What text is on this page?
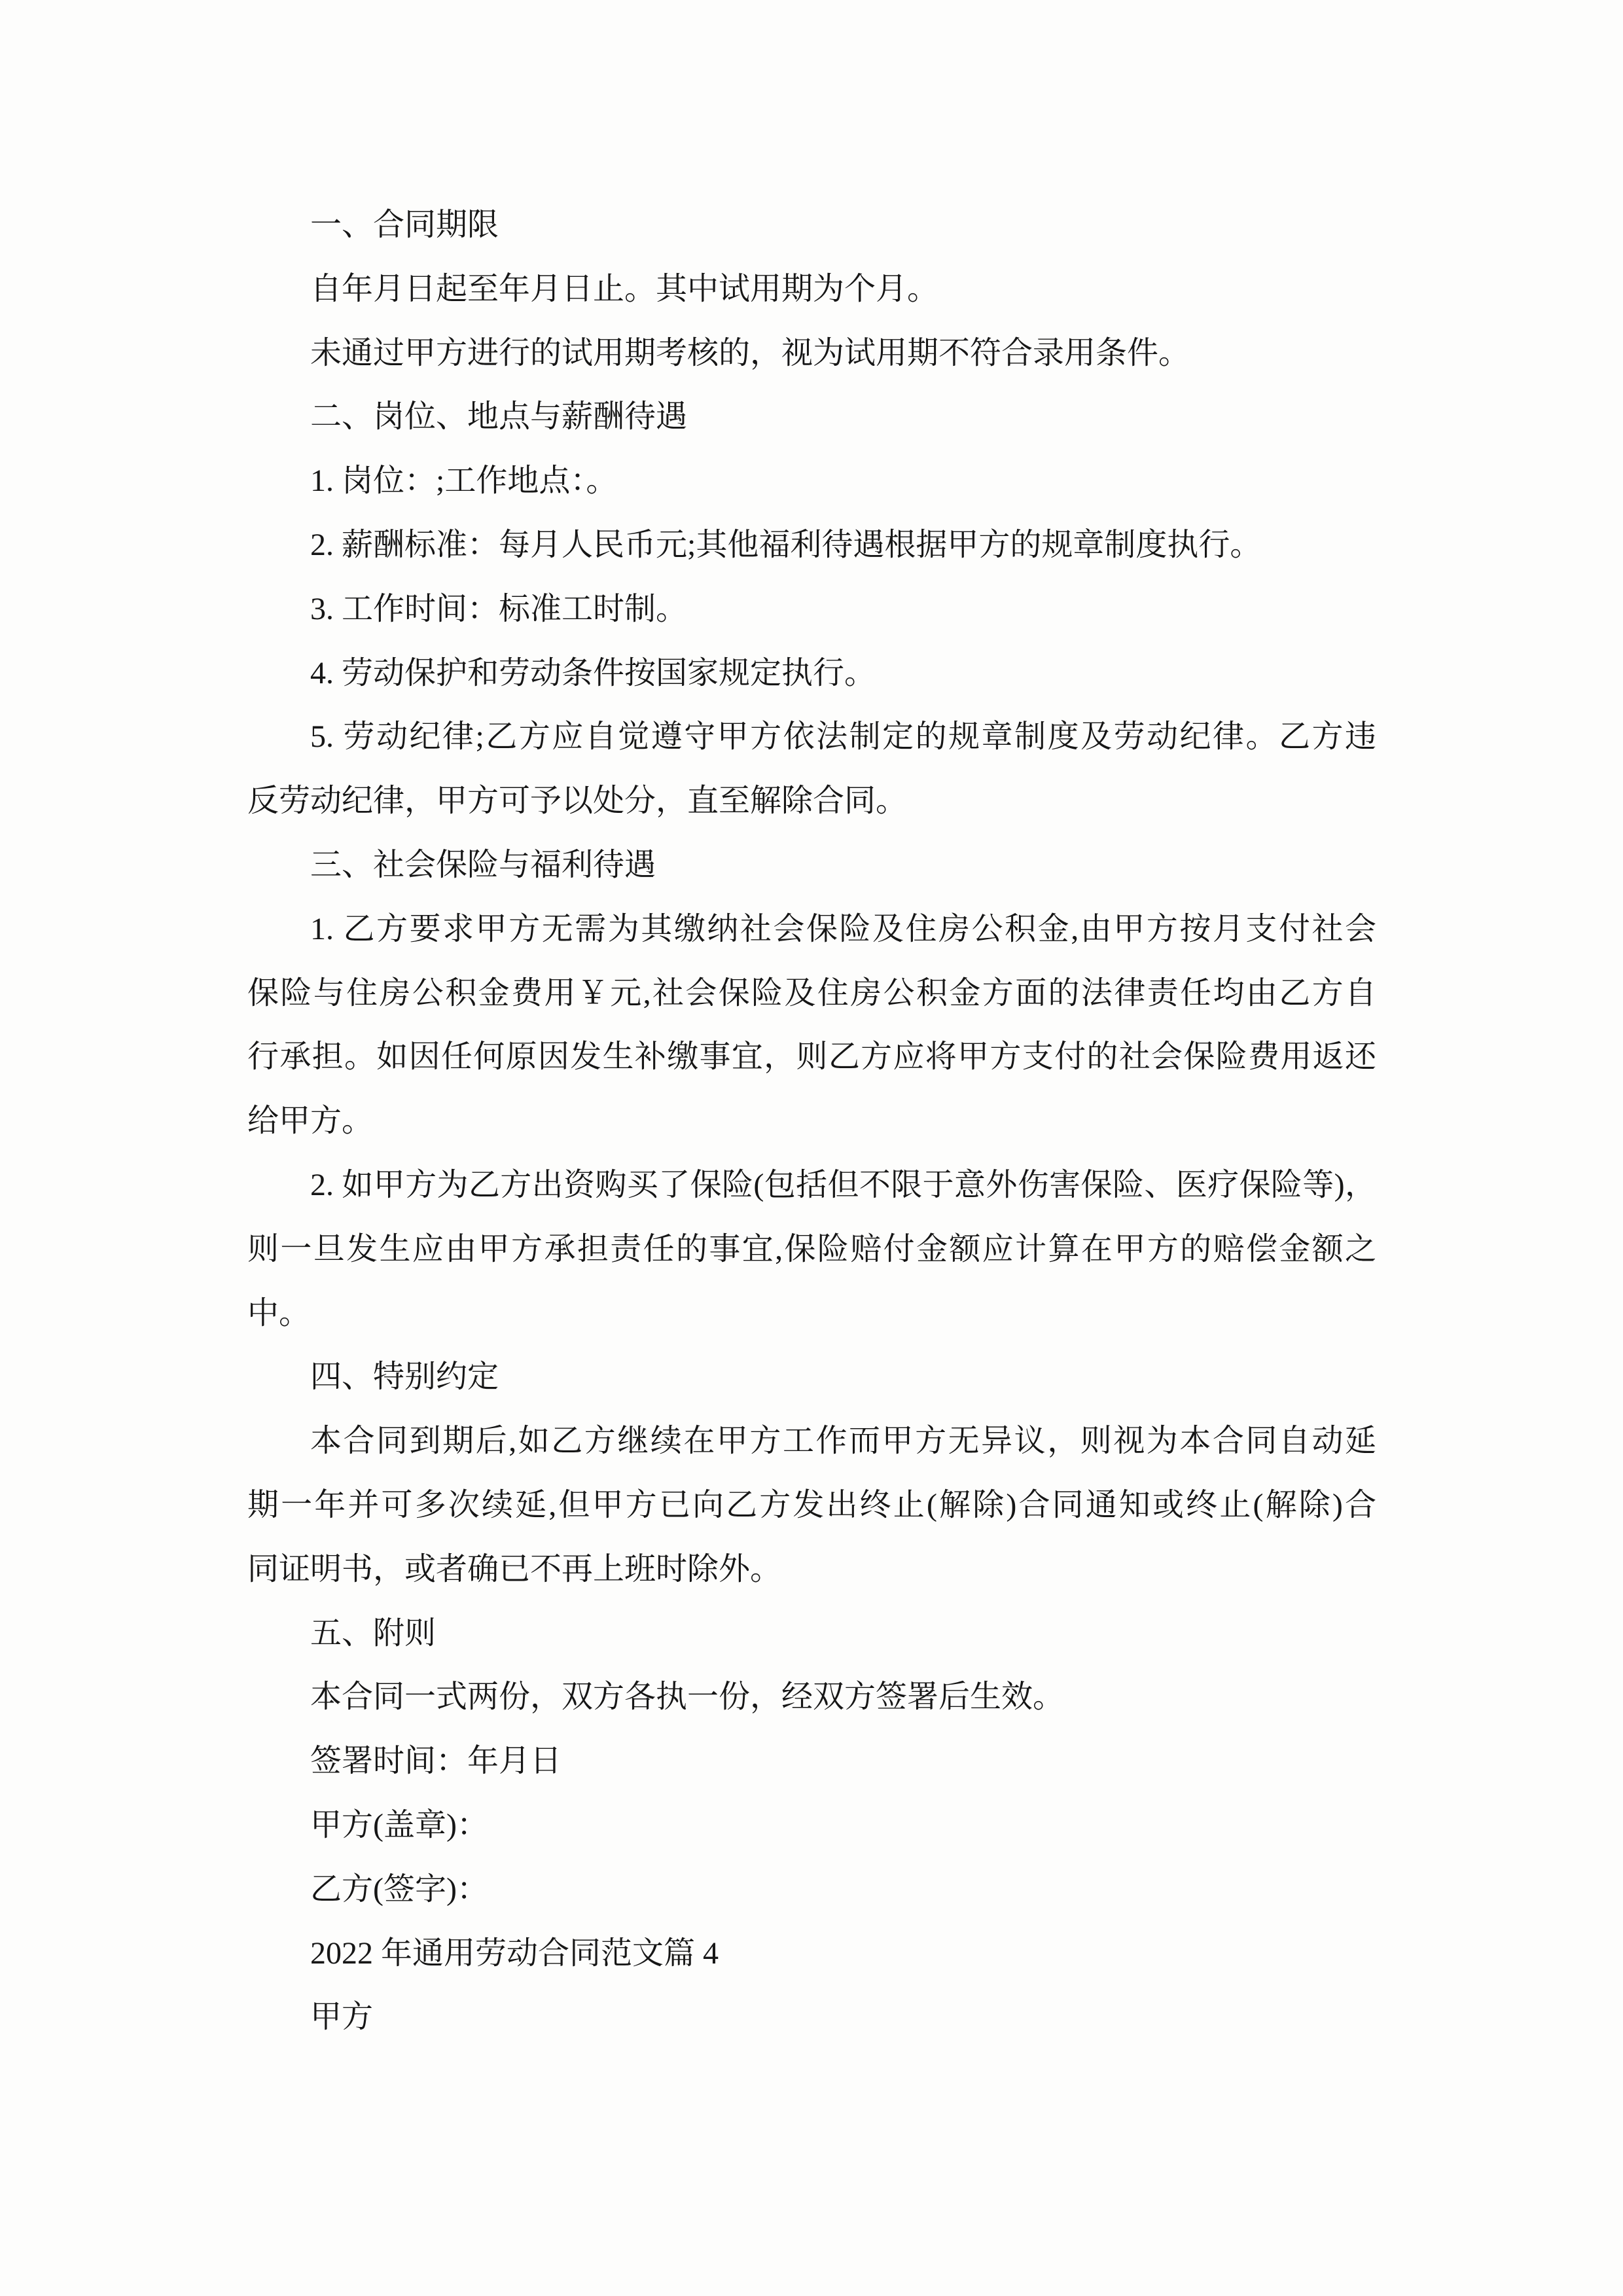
一、合同期限
自年月日起至年月日止。其中试用期为个月。
未通过甲方进行的试用期考核的，视为试用期不符合录用条件。
二、岗位、地点与薪酬待遇
1. 岗位：;工作地点：。
2. 薪酬标准：每月人民币元;其他福利待遇根据甲方的规章制度执行。
3. 工作时间：标准工时制。
4. 劳动保护和劳动条件按国家规定执行。
5. 劳动纪律;乙方应自觉遵守甲方依法制定的规章制度及劳动纪律。乙方违
反劳动纪律，甲方可予以处分，直至解除合同。
三、社会保险与福利待遇
1. 乙方要求甲方无需为其缴纳社会保险及住房公积金,由甲方按月支付社会
保险与住房公积金费用￥元,社会保险及住房公积金方面的法律责任均由乙方自
行承担。如因任何原因发生补缴事宜，则乙方应将甲方支付的社会保险费用返还
给甲方。
2. 如甲方为乙方出资购买了保险(包括但不限于意外伤害保险、医疗保险等)，
则一旦发生应由甲方承担责任的事宜,保险赔付金额应计算在甲方的赔偿金额之
中。
四、特别约定
本合同到期后,如乙方继续在甲方工作而甲方无异议，则视为本合同自动延
期一年并可多次续延,但甲方已向乙方发出终止(解除)合同通知或终止(解除)合
同证明书，或者确已不再上班时除外。
五、附则
本合同一式两份，双方各执一份，经双方签署后生效。
签署时间：年月日
甲方(盖章)：
乙方(签字)：
2022 年通用劳动合同范文篇 4
甲方
